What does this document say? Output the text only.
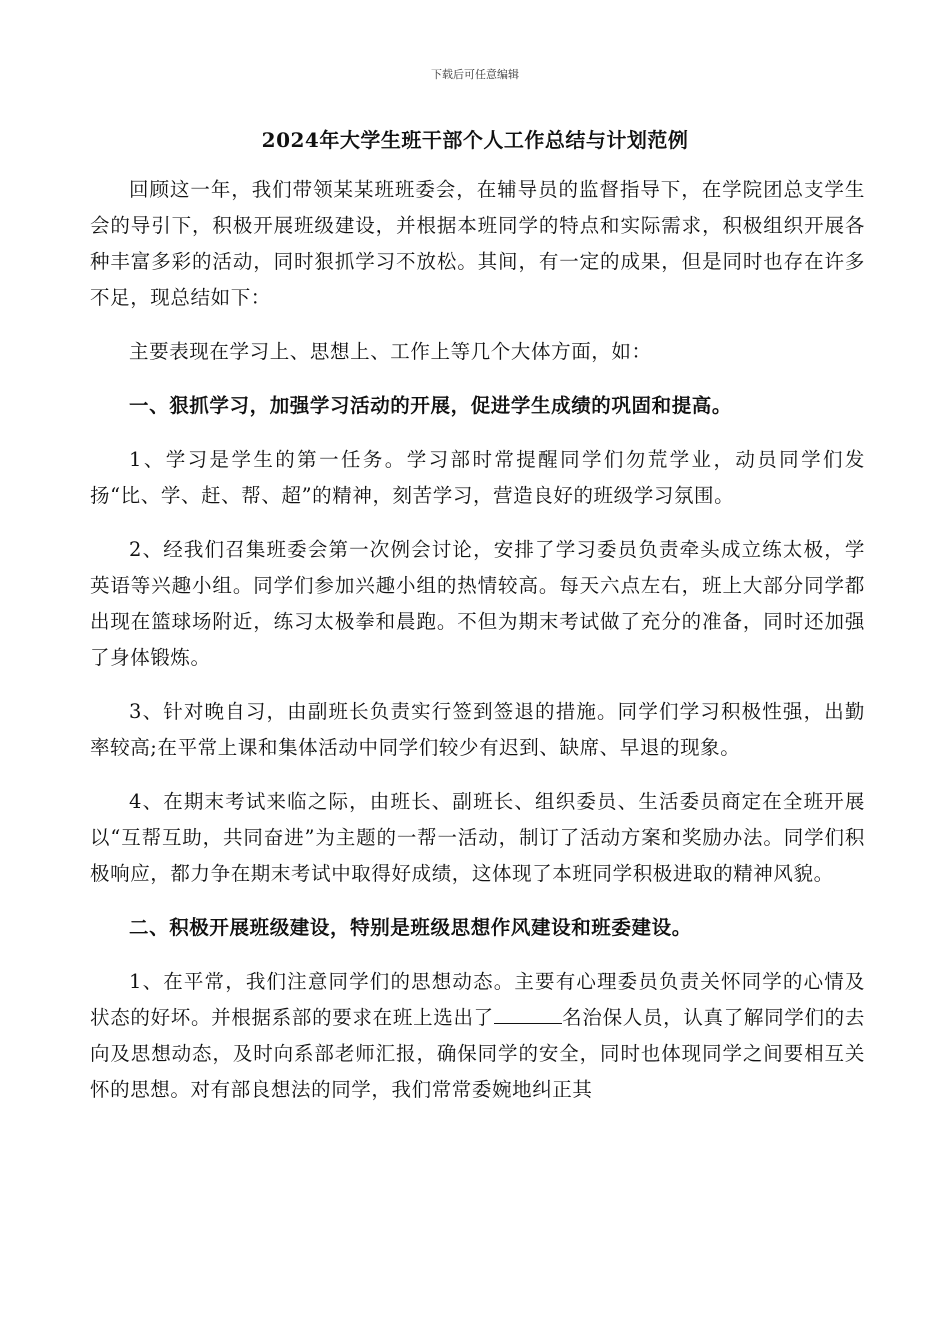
下载后可任意编辑
2024年大学生班干部个人工作总结与计划范例

回顾这一年，我们带领某某班班委会，在辅导员的监督指导下，在学院团总支学生会的导引下，积极开展班级建设，并根据本班同学的特点和实际需求，积极组织开展各种丰富多彩的活动，同时狠抓学习不放松。其间，有一定的成果，但是同时也存在许多不足，现总结如下：

主要表现在学习上、思想上、工作上等几个大体方面，如：

一、狠抓学习，加强学习活动的开展，促进学生成绩的巩固和提高。

1、学习是学生的第一任务。学习部时常提醒同学们勿荒学业，动员同学们发扬“比、学、赶、帮、超”的精神，刻苦学习，营造良好的班级学习氛围。

2、经我们召集班委会第一次例会讨论，安排了学习委员负责牵头成立练太极，学英语等兴趣小组。同学们参加兴趣小组的热情较高。每天六点左右，班上大部分同学都出现在篮球场附近，练习太极拳和晨跑。不但为期末考试做了充分的准备，同时还加强了身体锻炼。

3、针对晚自习，由副班长负责实行签到签退的措施。同学们学习积极性强，出勤率较高;在平常上课和集体活动中同学们较少有迟到、缺席、早退的现象。

4、在期末考试来临之际，由班长、副班长、组织委员、生活委员商定在全班开展以“互帮互助，共同奋进”为主题的一帮一活动，制订了活动方案和奖励办法。同学们积极响应，都力争在期末考试中取得好成绩，这体现了本班同学积极进取的精神风貌。

二、积极开展班级建设，特别是班级思想作风建设和班委建设。

1、在平常，我们注意同学们的思想动态。主要有心理委员负责关怀同学的心情及状态的好坏。并根据系部的要求在班上选出了	名治保人员，认真了解同学们的去向及思想动态，及时向系部老师汇报，确保同学的安全，同时也体现同学之间要相互关怀的思想。对有部良想法的同学，我们常常委婉地纠正其
